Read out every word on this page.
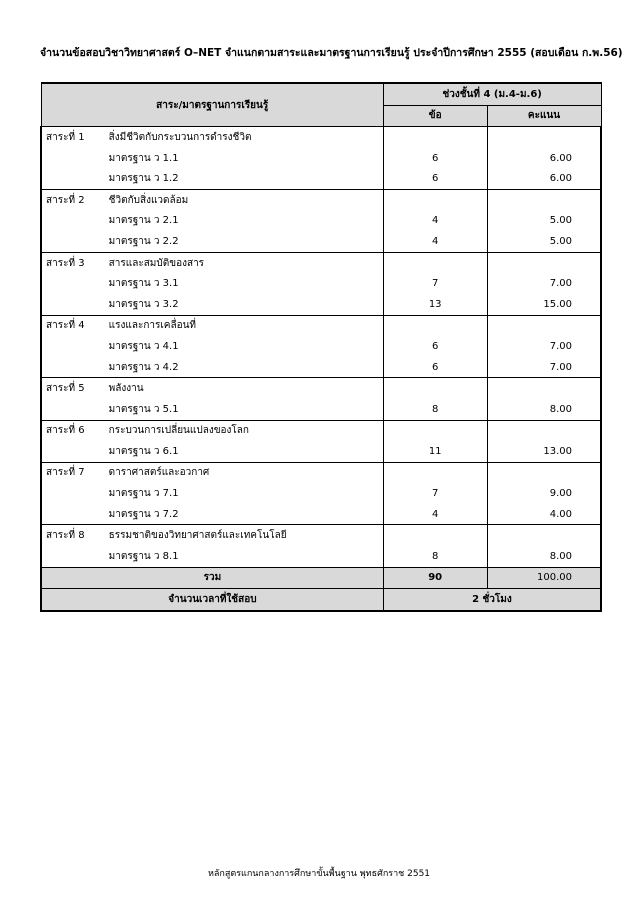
จำนวนข้อสอบวิชาวิทยาศาสตร์ O–NET จำแนกตามสาระและมาตรฐานการเรียนรู้ ประจำปีการศึกษา 2555 (สอบเดือน ก.พ.56)
สาระ/มาตรฐานการเรียนรู้		ช่วงชั้นที่ 4 (ม.4-ม.6)	
		ข้อ	คะแนน
สาระที่ 1	สิ่งมีชีวิตกับกระบวนการดำรงชีวิต		
	มาตรฐาน ว 1.1	6	6.00
	มาตรฐาน ว 1.2	6	6.00
สาระที่ 2	ชีวิตกับสิ่งแวดล้อม		
	มาตรฐาน ว 2.1	4	5.00
	มาตรฐาน ว 2.2	4	5.00
สาระที่ 3	สารและสมบัติของสาร		
	มาตรฐาน ว 3.1	7	7.00
	มาตรฐาน ว 3.2	13	15.00
สาระที่ 4	แรงและการเคลื่อนที่		
	มาตรฐาน ว 4.1	6	7.00
	มาตรฐาน ว 4.2	6	7.00
สาระที่ 5	พลังงาน		
	มาตรฐาน ว 5.1	8	8.00
สาระที่ 6	กระบวนการเปลี่ยนแปลงของโลก		
	มาตรฐาน ว 6.1	11	13.00
สาระที่ 7	ดาราศาสตร์และอวกาศ		
	มาตรฐาน ว 7.1	7	9.00
	มาตรฐาน ว 7.2	4	4.00
สาระที่ 8	ธรรมชาติของวิทยาศาสตร์และเทคโนโลยี		
	มาตรฐาน ว 8.1	8	8.00
รวม		90	100.00
จำนวนเวลาที่ใช้สอบ		2 ชั่วโมง	
หลักสูตรแกนกลางการศึกษาขั้นพื้นฐาน พุทธศักราช 2551
